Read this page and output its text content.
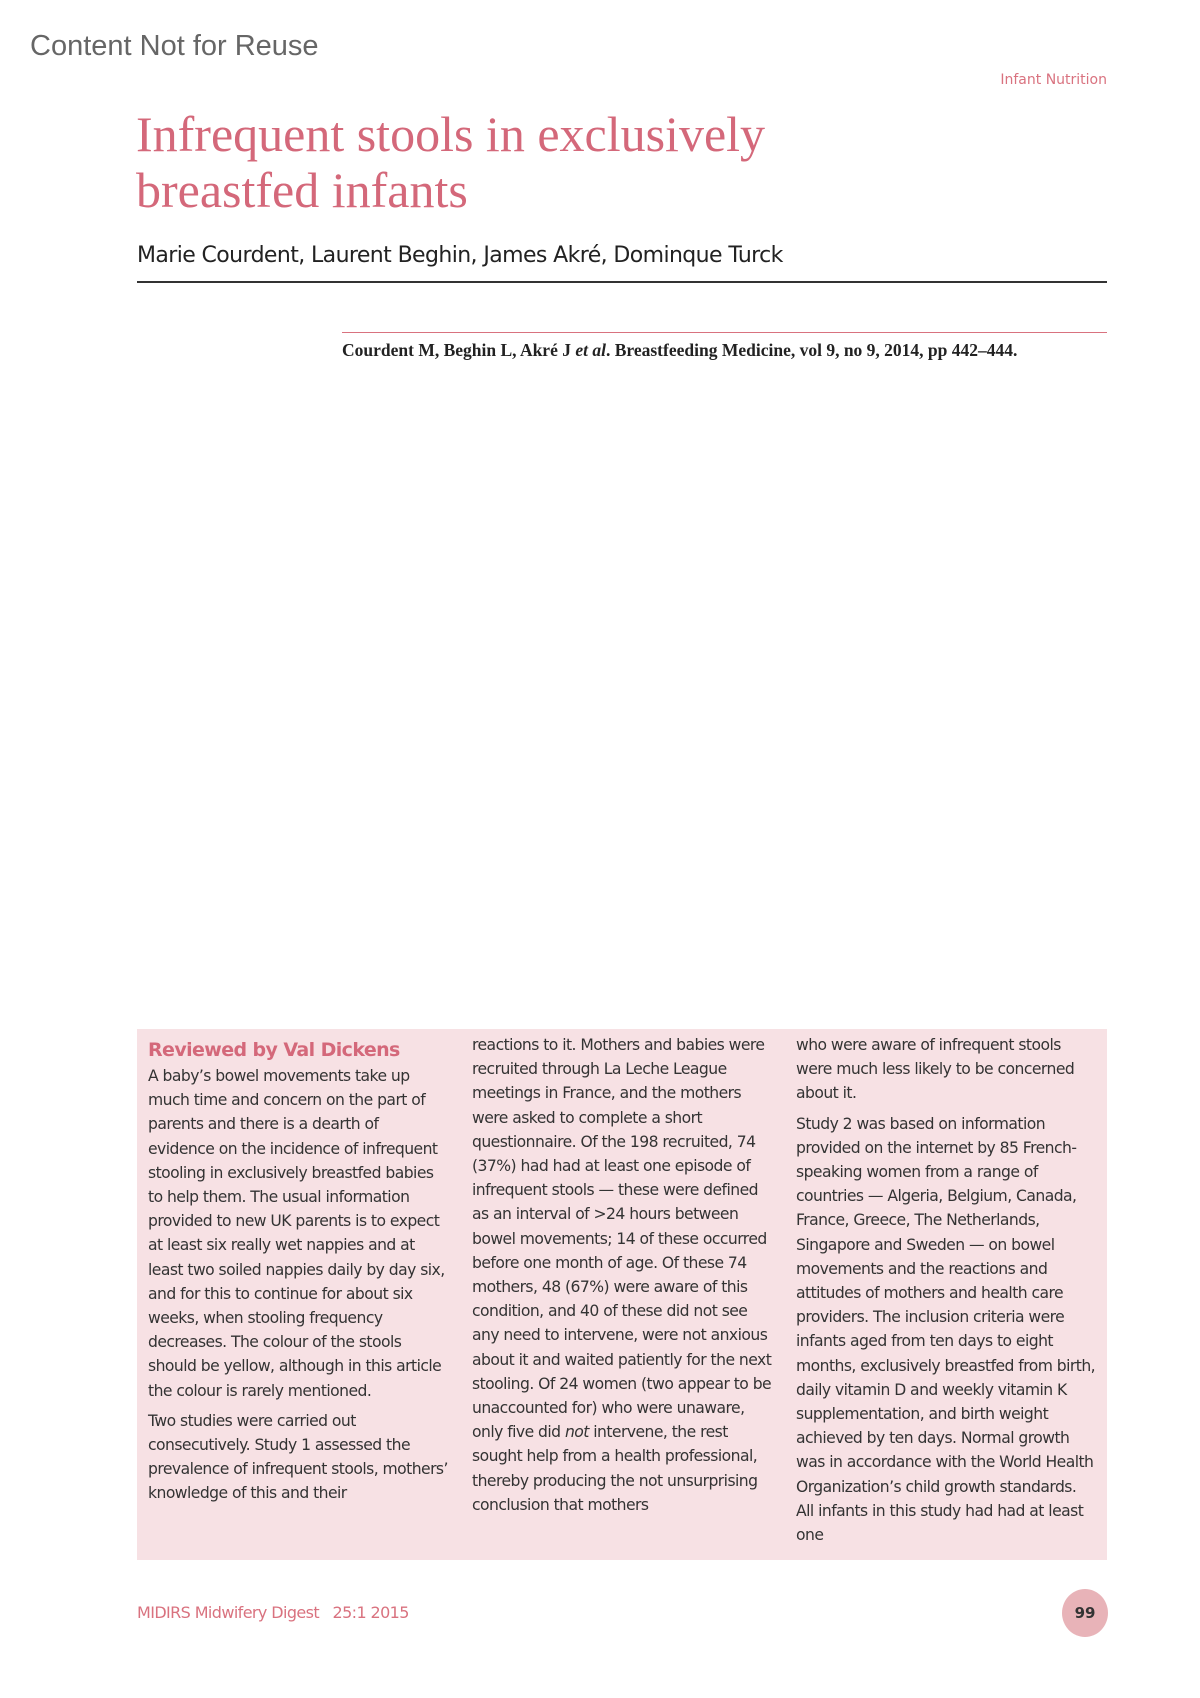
Content Not for Reuse
Infant Nutrition
Infrequent stools in exclusively
breastfed infants
Marie Courdent, Laurent Beghin, James Akré, Dominque Turck
Courdent M, Beghin L, Akré J et al. Breastfeeding Medicine, vol 9, no 9, 2014, pp 442–444.
Reviewed by Val Dickens

A baby’s bowel movements take up much time and concern on the part of parents and there is a dearth of evidence on the incidence of infrequent stooling in exclusively breastfed babies to help them. The usual information provided to new UK parents is to expect at least six really wet nappies and at least two soiled nappies daily by day six, and for this to continue for about six weeks, when stooling frequency decreases. The colour of the stools should be yellow, although in this article the colour is rarely mentioned.

Two studies were carried out consecutively. Study 1 assessed the prevalence of infrequent stools, mothers’ knowledge of this and their

reactions to it. Mothers and babies were recruited through La Leche League meetings in France, and the mothers were asked to complete a short questionnaire. Of the 198 recruited, 74 (37%) had had at least one episode of infrequent stools — these were defined as an interval of >24 hours between bowel movements; 14 of these occurred before one month of age. Of these 74 mothers, 48 (67%) were aware of this condition, and 40 of these did not see any need to intervene, were not anxious about it and waited patiently for the next stooling. Of 24 women (two appear to be unaccounted for) who were unaware, only five did not intervene, the rest sought help from a health professional, thereby producing the not unsurprising conclusion that mothers

who were aware of infrequent stools were much less likely to be concerned about it.

Study 2 was based on information provided on the internet by 85 French-speaking women from a range of countries — Algeria, Belgium, Canada, France, Greece, The Netherlands, Singapore and Sweden — on bowel movements and the reactions and attitudes of mothers and health care providers. The inclusion criteria were infants aged from ten days to eight months, exclusively breastfed from birth, daily vitamin D and weekly vitamin K supplementation, and birth weight achieved by ten days. Normal growth was in accordance with the World Health Organization’s child growth standards. All infants in this study had had at least one

MIDIRS Midwifery Digest   25:1 2015	99
